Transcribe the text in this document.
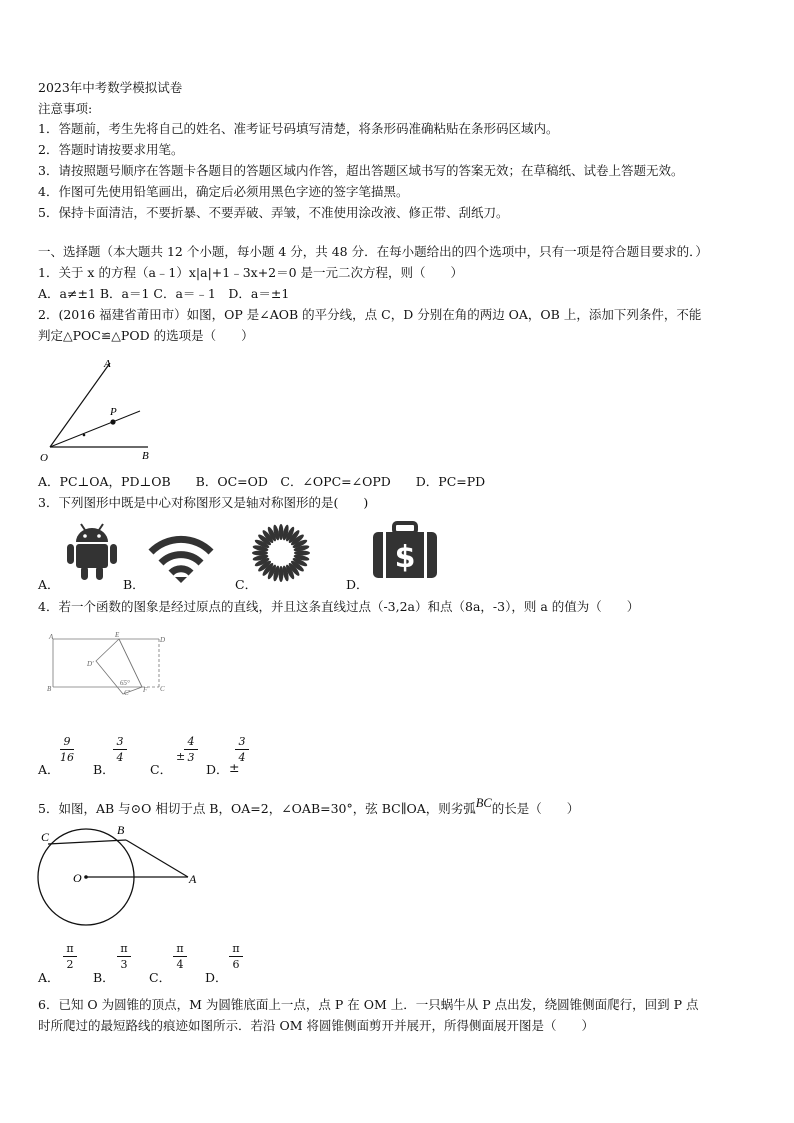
2023年中考数学模拟试卷
注意事项:
1．答题前，考生先将自己的姓名、准考证号码填写清楚，将条形码准确粘贴在条形码区域内。
2．答题时请按要求用笔。
3．请按照题号顺序在答题卡各题目的答题区域内作答，超出答题区域书写的答案无效；在草稿纸、试卷上答题无效。
4．作图可先使用铅笔画出，确定后必须用黑色字迹的签字笔描黑。
5．保持卡面清洁，不要折暴、不要弄破、弄皱，不准使用涂改液、修正带、刮纸刀。
一、选择题（本大题共 12 个小题，每小题 4 分，共 48 分．在每小题给出的四个选项中，只有一项是符合题目要求的．）
1．关于 x 的方程（a﹣1）x|a|+1﹣3x+2＝0 是一元二次方程，则（　　）
A．a≠±1 B．a＝1 C．a＝﹣1　D．a＝±1
2．(2016 福建省莆田市）如图，OP 是∠AOB 的平分线，点 C，D 分别在角的两边 OA，OB 上，添加下列条件，不能
判定△POC≌△POD 的选项是（　　）
A
P
O	B
A．PC⊥OA，PD⊥OB　　B．OC=OD　C．∠OPC=∠OPD　　D．PC=PD
3．下列图形中既是中心对称图形又是轴对称图形的是(　　)
A．	B．	C．	D．
$
4．若一个函数的图象是经过原点的直线，并且这条直线过点（-3,2a）和点（8a，-3），则 a 的值为（　　）
A	E
D
B	C
F
C′
D′
65°
A．
9
16
B．
3
4
C．
±
4
3
D． ±
3
4
5．如图，AB 与⊙O 相切于点 B，OA=2，∠OAB=30°，弦 BC∥OA，则劣弧BC的长是（　　）
C	B
O	A
A．
π
2
B．
π
3
C．
π
4
D．
π
6
6．已知 O 为圆锥的顶点，M 为圆锥底面上一点，点 P 在 OM 上．一只蜗牛从 P 点出发，绕圆锥侧面爬行，回到 P 点
时所爬过的最短路线的痕迹如图所示．若沿 OM 将圆锥侧面剪开并展开，所得侧面展开图是（　　）
